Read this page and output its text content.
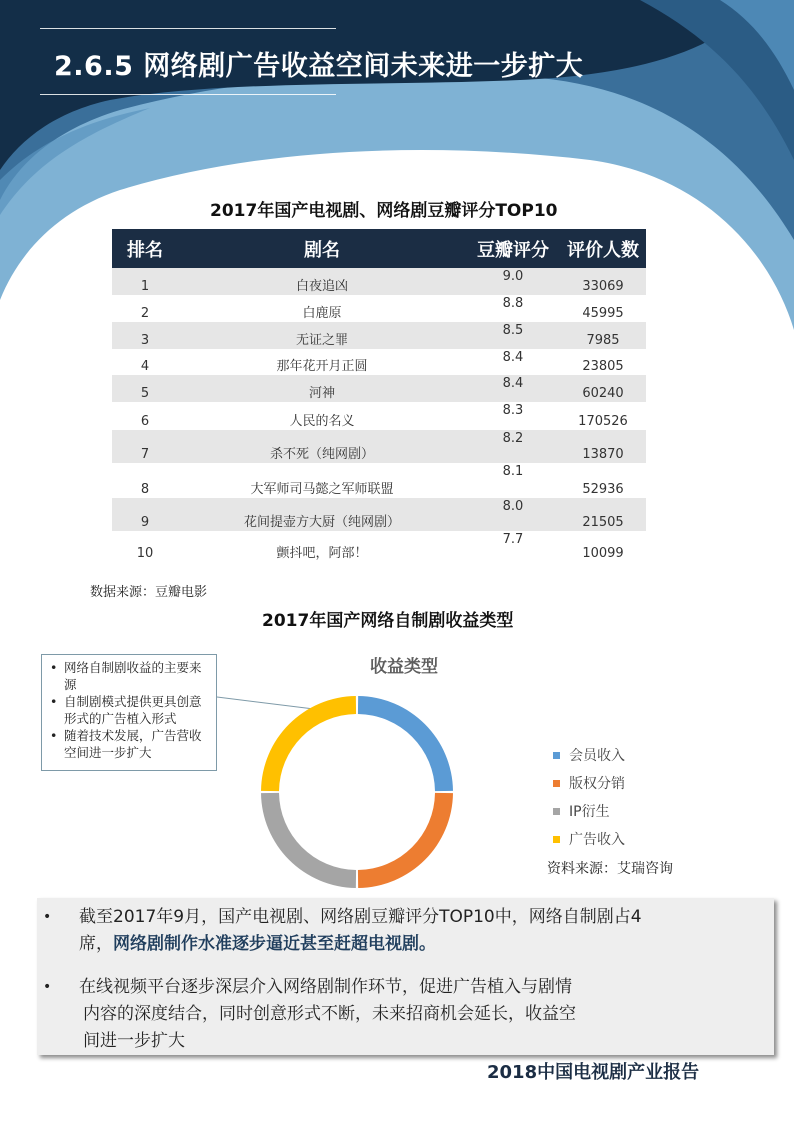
2.6.5 网络剧广告收益空间未来进一步扩大
2017年国产电视剧、网络剧豆瓣评分TOP10
排名	剧名	豆瓣评分	评价人数
1	白夜追凶	9.0	33069
2	白鹿原	8.8	45995
3	无证之罪	8.5	7985
4	那年花开月正圆	8.4	23805
5	河神	8.4	60240
6	人民的名义	8.3	170526
7	杀不死（纯网剧）	8.2	13870
8	大军师司马懿之军师联盟	8.1	52936
9	花间提壶方大厨（纯网剧）	8.0	21505
10	颤抖吧，阿部！	7.7	10099
数据来源：豆瓣电影
2017年国产网络自制剧收益类型
• 网络自制剧收益的主要来源
• 自制剧模式提供更具创意形式的广告植入形式
• 随着技术发展，广告营收空间进一步扩大
收益类型
会员收入
版权分销
IP衍生
广告收入
资料来源：艾瑞咨询
• 截至2017年9月，国产电视剧、网络剧豆瓣评分TOP10中，网络自制剧占4
席，网络剧制作水准逐步逼近甚至赶超电视剧。
• 在线视频平台逐步深层介入网络剧制作环节，促进广告植入与剧情
内容的深度结合，同时创意形式不断，未来招商机会延长，收益空
间进一步扩大
2018中国电视剧产业报告
